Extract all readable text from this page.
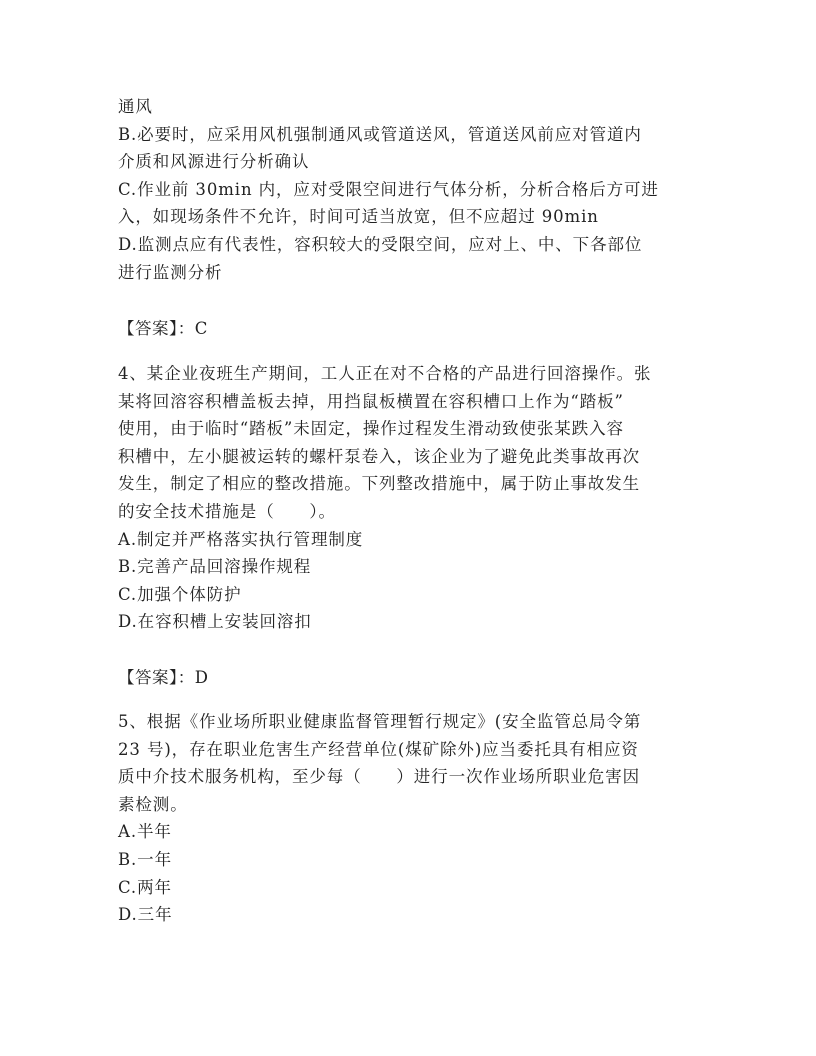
通风
B.必要时，应采用风机强制通风或管道送风，管道送风前应对管道内
介质和风源进行分析确认
C.作业前 30min 内，应对受限空间进行气体分析，分析合格后方可进
入，如现场条件不允许，时间可适当放宽，但不应超过 90min
D.监测点应有代表性，容积较大的受限空间，应对上、中、下各部位
进行监测分析
【答案】：C
4、某企业夜班生产期间，工人正在对不合格的产品进行回溶操作。张
某将回溶容积槽盖板去掉，用挡鼠板横置在容积槽口上作为“踏板”
使用，由于临时“踏板”未固定，操作过程发生滑动致使张某跌入容
积槽中，左小腿被运转的螺杆泵卷入，该企业为了避免此类事故再次
发生，制定了相应的整改措施。下列整改措施中，属于防止事故发生
的安全技术措施是（　　）。
A.制定并严格落实执行管理制度
B.完善产品回溶操作规程
C.加强个体防护
D.在容积槽上安装回溶扣
【答案】：D
5、根据《作业场所职业健康监督管理暂行规定》(安全监管总局令第
23 号)，存在职业危害生产经营单位(煤矿除外)应当委托具有相应资
质中介技术服务机构，至少每（　　）进行一次作业场所职业危害因
素检测。
A.半年
B.一年
C.两年
D.三年
